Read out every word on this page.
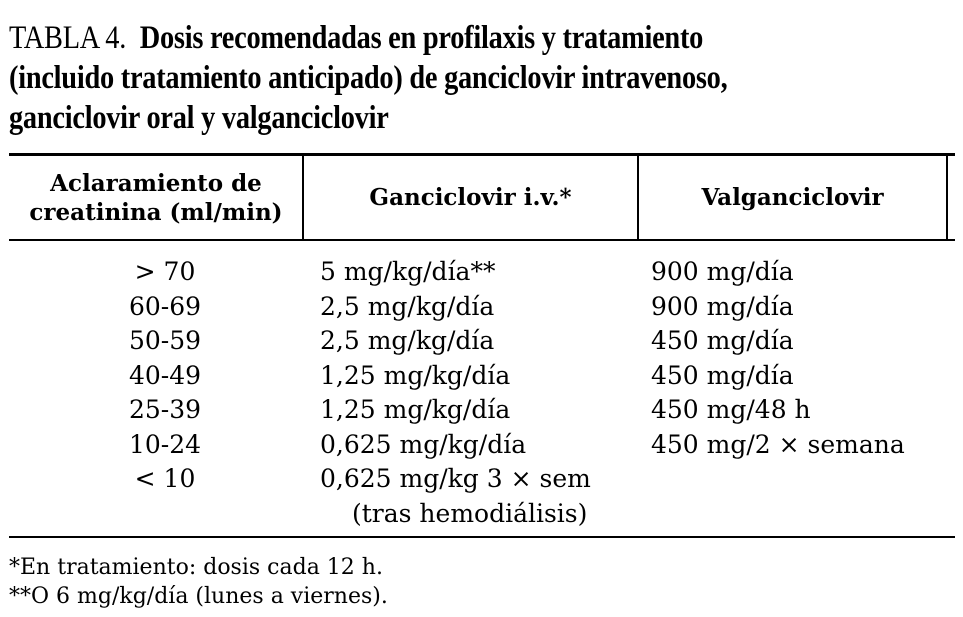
TABLA 4. Dosis recomendadas en profilaxis y tratamiento
(incluido tratamiento anticipado) de ganciclovir intravenoso,
ganciclovir oral y valganciclovir
Aclaramiento de
creatinina (ml/min)
Ganciclovir i.v.*	Valganciclovir
> 70
60-69
50-59
40-49
25-39
10-24
< 10
5 mg/kg/día**
2,5 mg/kg/día
2,5 mg/kg/día
1,25 mg/kg/día
1,25 mg/kg/día
0,625 mg/kg/día
0,625 mg/kg 3 × sem
(tras hemodiálisis)
900 mg/día
900 mg/día
450 mg/día
450 mg/día
450 mg/48 h
450 mg/2 × semana
*En tratamiento: dosis cada 12 h.
**O 6 mg/kg/día (lunes a viernes).
